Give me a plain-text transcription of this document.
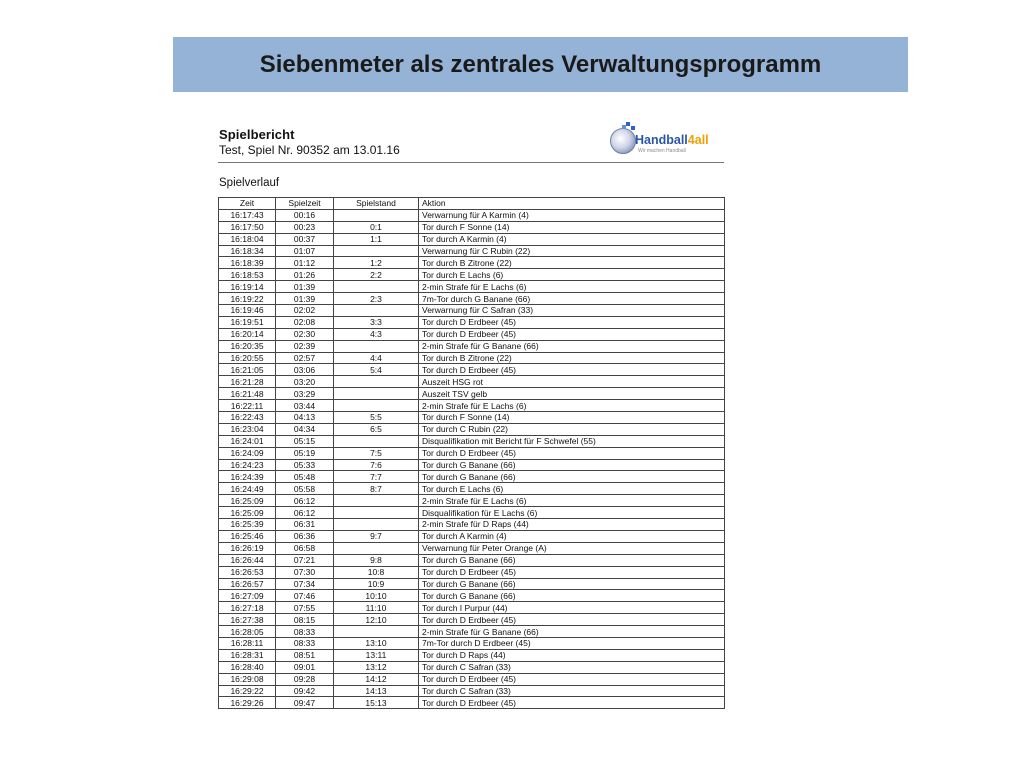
Siebenmeter als zentrales Verwaltungsprogramm
Spielbericht
Test, Spiel Nr. 90352 am 13.01.16
Handball4all
Wir machen Handball
Spielverlauf
Zeit	Spielzeit	Spielstand	Aktion
16:17:43	00:16		Verwarnung für A Karmin (4)
16:17:50	00:23	0:1	Tor durch F Sonne (14)
16:18:04	00:37	1:1	Tor durch A Karmin (4)
16:18:34	01:07		Verwarnung für C Rubin (22)
16:18:39	01:12	1:2	Tor durch B Zitrone (22)
16:18:53	01:26	2:2	Tor durch E Lachs (6)
16:19:14	01:39		2-min Strafe für E Lachs (6)
16:19:22	01:39	2:3	7m-Tor durch G Banane (66)
16:19:46	02:02		Verwarnung für C Safran (33)
16:19:51	02:08	3:3	Tor durch D Erdbeer (45)
16:20:14	02:30	4:3	Tor durch D Erdbeer (45)
16:20:35	02:39		2-min Strafe für G Banane (66)
16:20:55	02:57	4:4	Tor durch B Zitrone (22)
16:21:05	03:06	5:4	Tor durch D Erdbeer (45)
16:21:28	03:20		Auszeit HSG rot
16:21:48	03:29		Auszeit TSV gelb
16:22:11	03:44		2-min Strafe für E Lachs (6)
16:22:43	04:13	5:5	Tor durch F Sonne (14)
16:23:04	04:34	6:5	Tor durch C Rubin (22)
16:24:01	05:15		Disqualifikation mit Bericht für F Schwefel (55)
16:24:09	05:19	7:5	Tor durch D Erdbeer (45)
16:24:23	05:33	7:6	Tor durch G Banane (66)
16:24:39	05:48	7:7	Tor durch G Banane (66)
16:24:49	05:58	8:7	Tor durch E Lachs (6)
16:25:09	06:12		2-min Strafe für E Lachs (6)
16:25:09	06:12		Disqualifikation für E Lachs (6)
16:25:39	06:31		2-min Strafe für D Raps (44)
16:25:46	06:36	9:7	Tor durch A Karmin (4)
16:26:19	06:58		Verwarnung für Peter Orange (A)
16:26:44	07:21	9:8	Tor durch G Banane (66)
16:26:53	07:30	10:8	Tor durch D Erdbeer (45)
16:26:57	07:34	10:9	Tor durch G Banane (66)
16:27:09	07:46	10:10	Tor durch G Banane (66)
16:27:18	07:55	11:10	Tor durch I Purpur (44)
16:27:38	08:15	12:10	Tor durch D Erdbeer (45)
16:28:05	08:33		2-min Strafe für G Banane (66)
16:28:11	08:33	13:10	7m-Tor durch D Erdbeer (45)
16:28:31	08:51	13:11	Tor durch D Raps (44)
16:28:40	09:01	13:12	Tor durch C Safran (33)
16:29:08	09:28	14:12	Tor durch D Erdbeer (45)
16:29:22	09:42	14:13	Tor durch C Safran (33)
16:29:26	09:47	15:13	Tor durch D Erdbeer (45)
